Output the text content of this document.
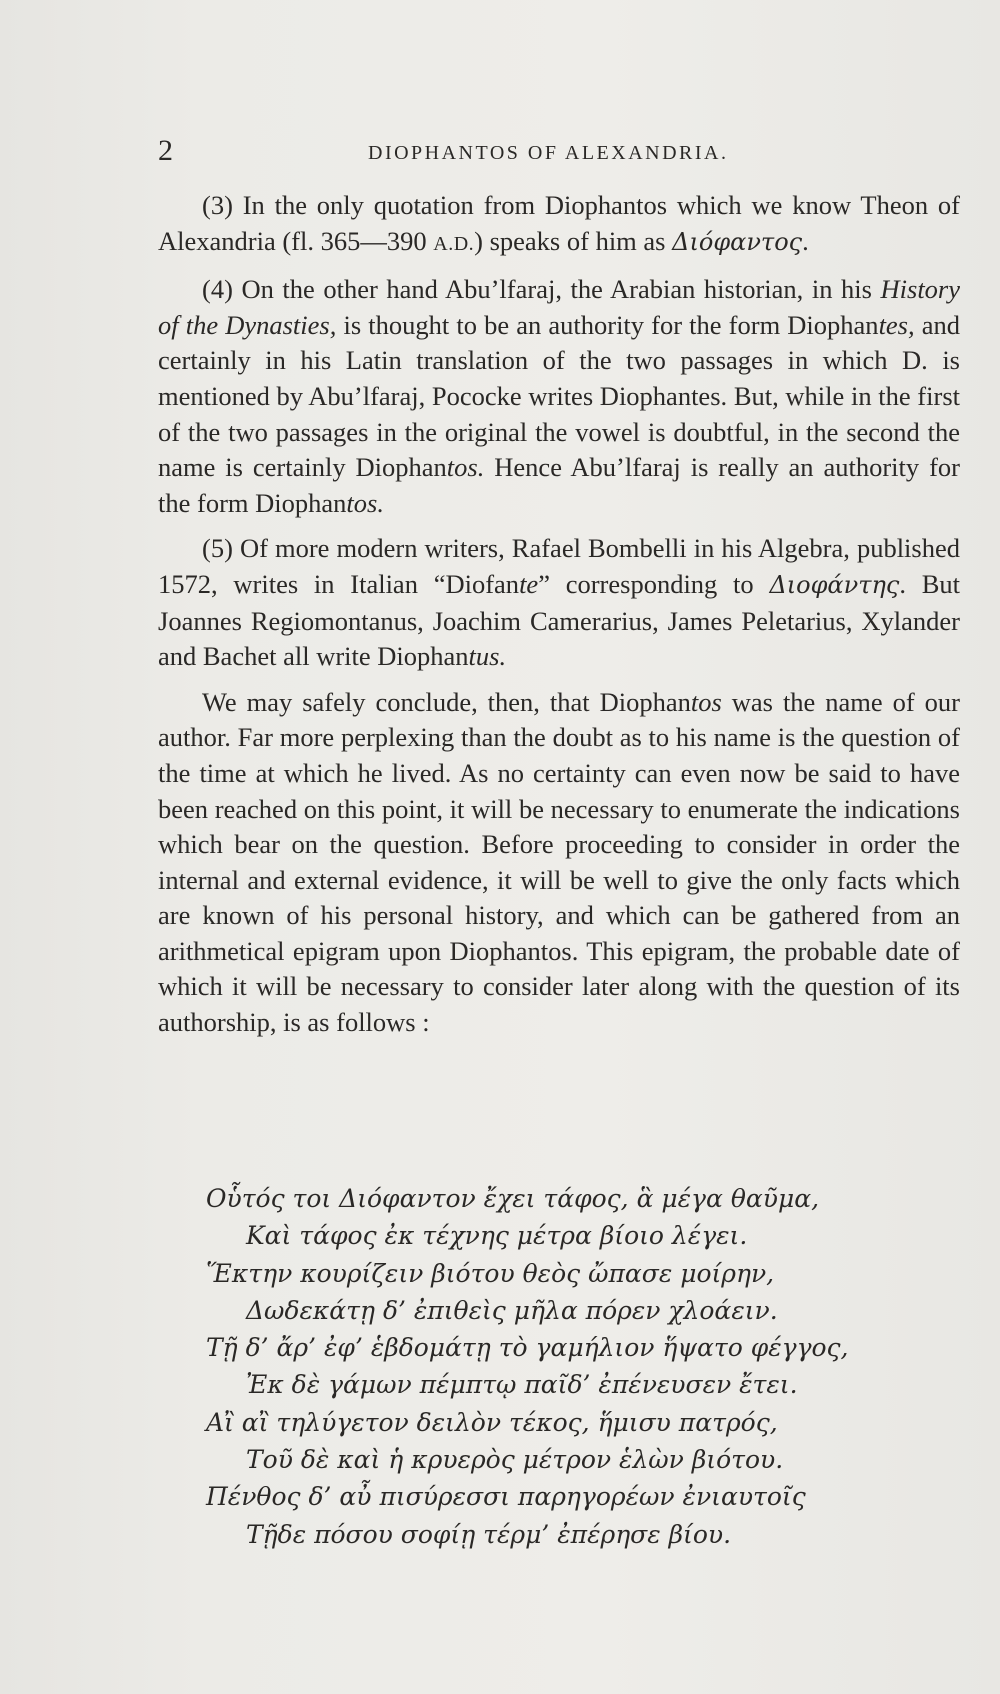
2	DIOPHANTOS OF ALEXANDRIA.

(3) In the only quotation from Diophantos which we know Theon of Alexandria (fl. 365—390 A.D.) speaks of him as Διόφαντος.

(4) On the other hand Abu’lfaraj, the Arabian historian, in his History of the Dynasties, is thought to be an authority for the form Diophantes, and certainly in his Latin translation of the two passages in which D. is mentioned by Abu’lfaraj, Pococke writes Diophantes. But, while in the first of the two passages in the original the vowel is doubtful, in the second the name is certainly Diophantos. Hence Abu’lfaraj is really an authority for the form Diophantos.

(5) Of more modern writers, Rafael Bombelli in his Algebra, published 1572, writes in Italian “Diofante” corresponding to Διοφάντης. But Joannes Regiomontanus, Joachim Camerarius, James Peletarius, Xylander and Bachet all write Diophantus.

We may safely conclude, then, that Diophantos was the name of our author. Far more perplexing than the doubt as to his name is the question of the time at which he lived. As no certainty can even now be said to have been reached on this point, it will be necessary to enumerate the indications which bear on the question. Before proceeding to consider in order the internal and external evidence, it will be well to give the only facts which are known of his personal history, and which can be gathered from an arithmetical epigram upon Diophantos. This epigram, the probable date of which it will be necessary to consider later along with the question of its authorship, is as follows :

Οὗτός τοι Διόφαντον ἔχει τάφος, ἃ μέγα θαῦμα,
Καὶ τάφος ἐκ τέχνης μέτρα βίοιο λέγει.
Ἕκτην κουρίζειν βιότου θεὸς ὤπασε μοίρην,
Δωδεκάτῃ δ’ ἐπιθεὶς μῆλα πόρεν χλοάειν.
Τῇ δ’ ἄρ’ ἐφ’ ἑβδομάτῃ τὸ γαμήλιον ἥψατο φέγγος,
Ἐκ δὲ γάμων πέμπτῳ παῖδ’ ἐπένευσεν ἔτει.
Αἲ αἲ τηλύγετον δειλὸν τέκος, ἥμισυ πατρός,
Τοῦ δὲ καὶ ἡ κρυερὸς μέτρον ἑλὼν βιότου.
Πένθος δ’ αὖ πισύρεσσι παρηγορέων ἐνιαυτοῖς
Τῇδε πόσου σοφίῃ τέρμ’ ἐπέρησε βίου.
